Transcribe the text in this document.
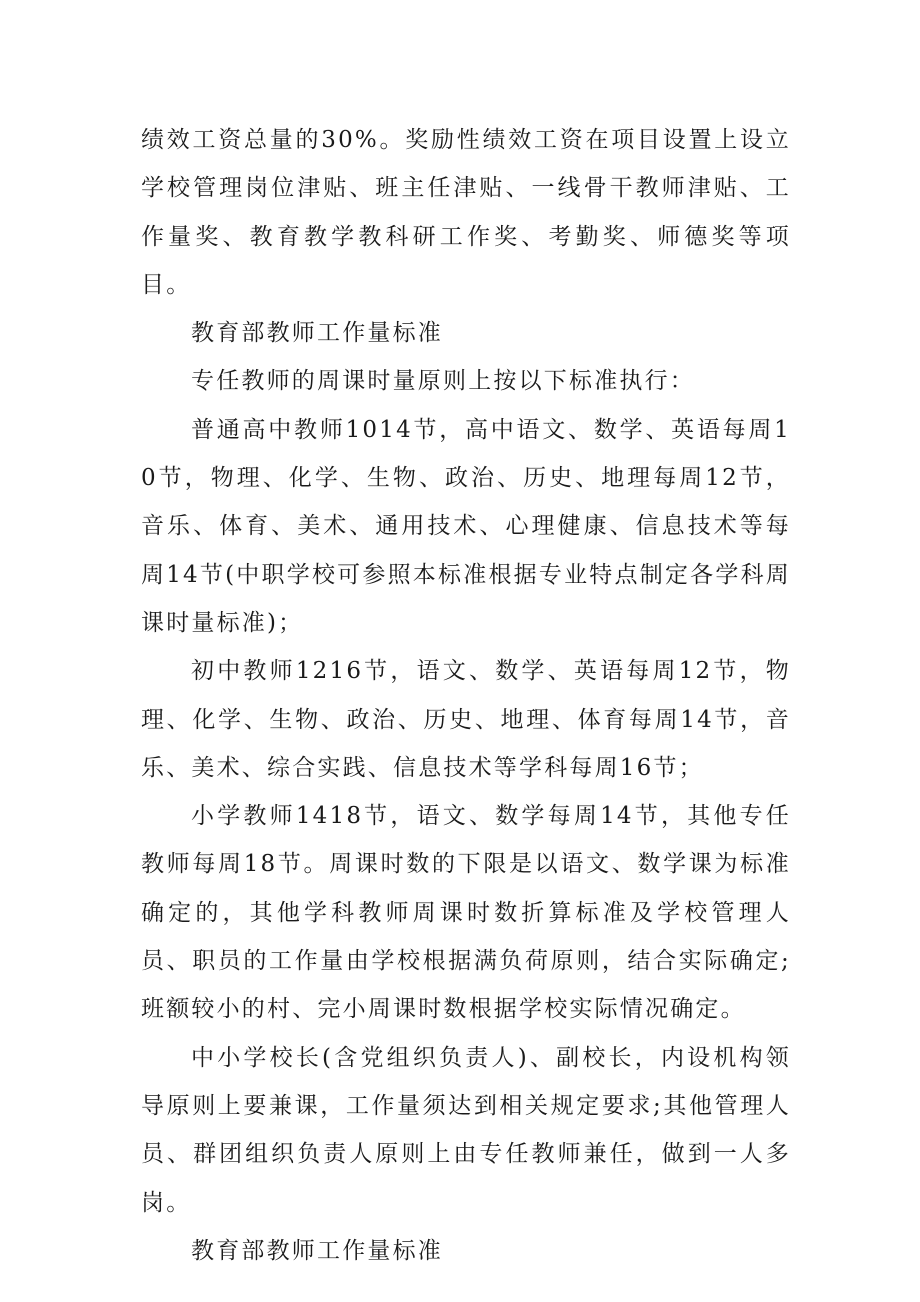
绩效工资总量的30%。奖励性绩效工资在项目设置上设立学校管理岗位津贴、班主任津贴、一线骨干教师津贴、工作量奖、教育教学教科研工作奖、考勤奖、师德奖等项目。

教育部教师工作量标准

专任教师的周课时量原则上按以下标准执行：

普通高中教师1014节，高中语文、数学、英语每周10节，物理、化学、生物、政治、历史、地理每周12节，音乐、体育、美术、通用技术、心理健康、信息技术等每周14节(中职学校可参照本标准根据专业特点制定各学科周课时量标准)；

初中教师1216节，语文、数学、英语每周12节，物理、化学、生物、政治、历史、地理、体育每周14节，音乐、美术、综合实践、信息技术等学科每周16节；

小学教师1418节，语文、数学每周14节，其他专任教师每周18节。周课时数的下限是以语文、数学课为标准确定的，其他学科教师周课时数折算标准及学校管理人员、职员的工作量由学校根据满负荷原则，结合实际确定;班额较小的村、完小周课时数根据学校实际情况确定。

中小学校长(含党组织负责人)、副校长，内设机构领导原则上要兼课，工作量须达到相关规定要求;其他管理人员、群团组织负责人原则上由专任教师兼任，做到一人多岗。

教育部教师工作量标准
